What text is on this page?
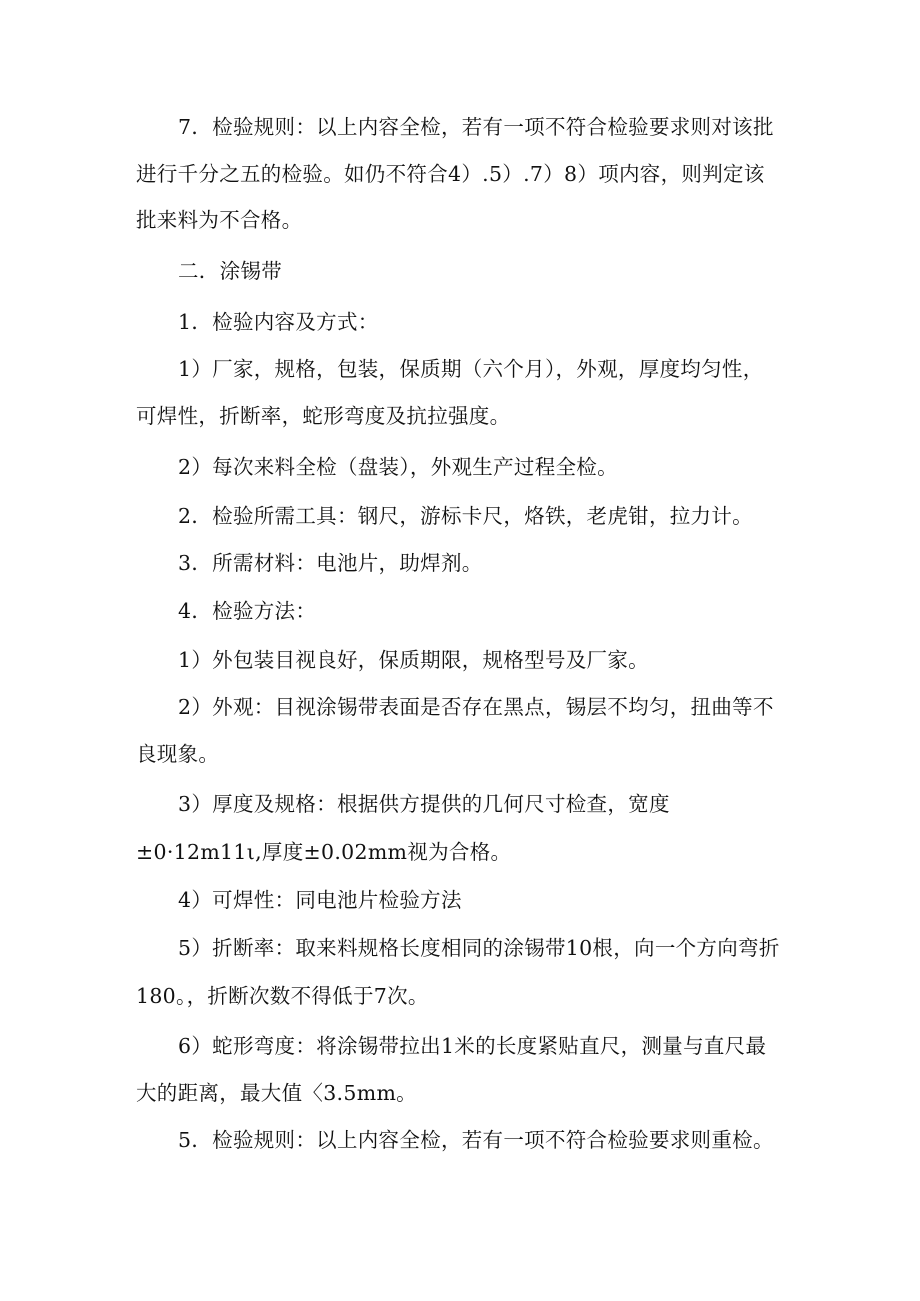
7．检验规则：以上内容全检，若有一项不符合检验要求则对该批
进行千分之五的检验。如仍不符合4）.5）.7）8）项内容，则判定该
批来料为不合格。
二．涂锡带
1．检验内容及方式：
1）厂家，规格，包装，保质期（六个月），外观，厚度均匀性，
可焊性，折断率，蛇形弯度及抗拉强度。
2）每次来料全检（盘装），外观生产过程全检。
2．检验所需工具：钢尺，游标卡尺，烙铁，老虎钳，拉力计。
3．所需材料：电池片，助焊剂。
4．检验方法：
1）外包装目视良好，保质期限，规格型号及厂家。
2）外观：目视涂锡带表面是否存在黑点，锡层不均匀，扭曲等不
良现象。
3）厚度及规格：根据供方提供的几何尺寸检查，宽度
±0·12m11ι,厚度±0.02mm视为合格。
4）可焊性：同电池片检验方法
5）折断率：取来料规格长度相同的涂锡带10根，向一个方向弯折
180。，折断次数不得低于7次。
6）蛇形弯度：将涂锡带拉出1米的长度紧贴直尺，测量与直尺最
大的距离，最大值〈3.5mm。
5．检验规则：以上内容全检，若有一项不符合检验要求则重检。
